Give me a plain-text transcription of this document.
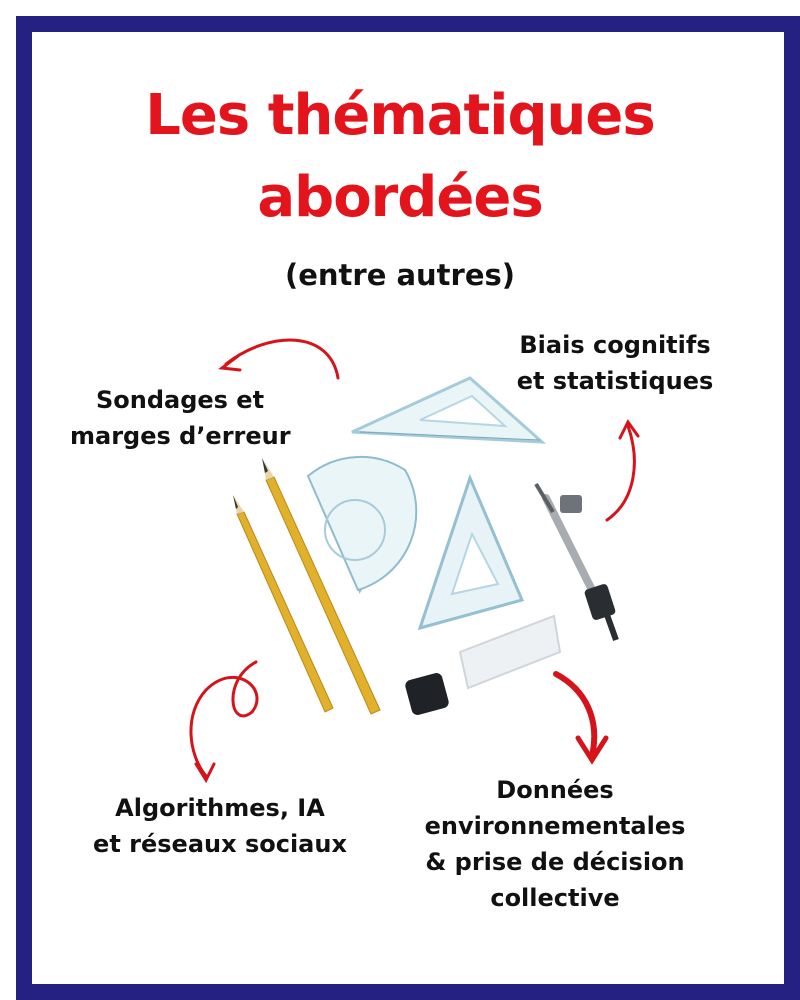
Les thématiques
abordées
(entre autres)
Sondages et
marges d’erreur
Biais cognitifs
et statistiques
Algorithmes, IA
et réseaux sociaux
Données
environnementales
& prise de décision
collective
